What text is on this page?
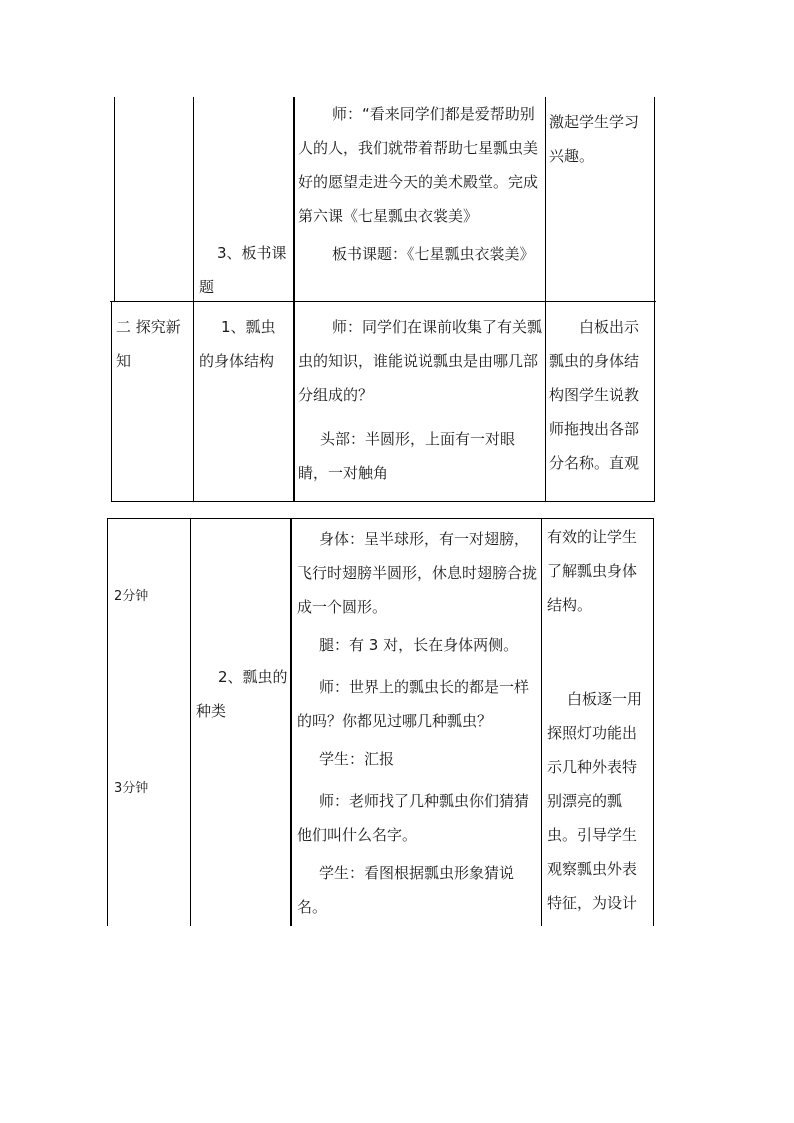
3、板书课题
师：“看来同学们都是爱帮助别人的人，我们就带着帮助七星瓢虫美好的愿望走进今天的美术殿堂。完成第六课《七星瓢虫衣裳美》
板书课题：《七星瓢虫衣裳美》
激起学生学习兴趣。
二 探究新知
1、瓢虫的身体结构
师：同学们在课前收集了有关瓢虫的知识，谁能说说瓢虫是由哪几部分组成的？
头部：半圆形，上面有一对眼睛，一对触角
白板出示瓢虫的身体结构图学生说教师拖拽出各部分名称。直观
2分钟
3分钟
2、瓢虫的种类
身体：呈半球形，有一对翅膀，飞行时翅膀半圆形，休息时翅膀合拢成一个圆形。
腿：有 3 对，长在身体两侧。
师：世界上的瓢虫长的都是一样的吗？你都见过哪几种瓢虫？
学生：汇报
师：老师找了几种瓢虫你们猜猜他们叫什么名字。
学生：看图根据瓢虫形象猜说名。
有效的让学生了解瓢虫身体结构。
白板逐一用探照灯功能出示几种外表特别漂亮的瓢虫。引导学生观察瓢虫外表特征，为设计
